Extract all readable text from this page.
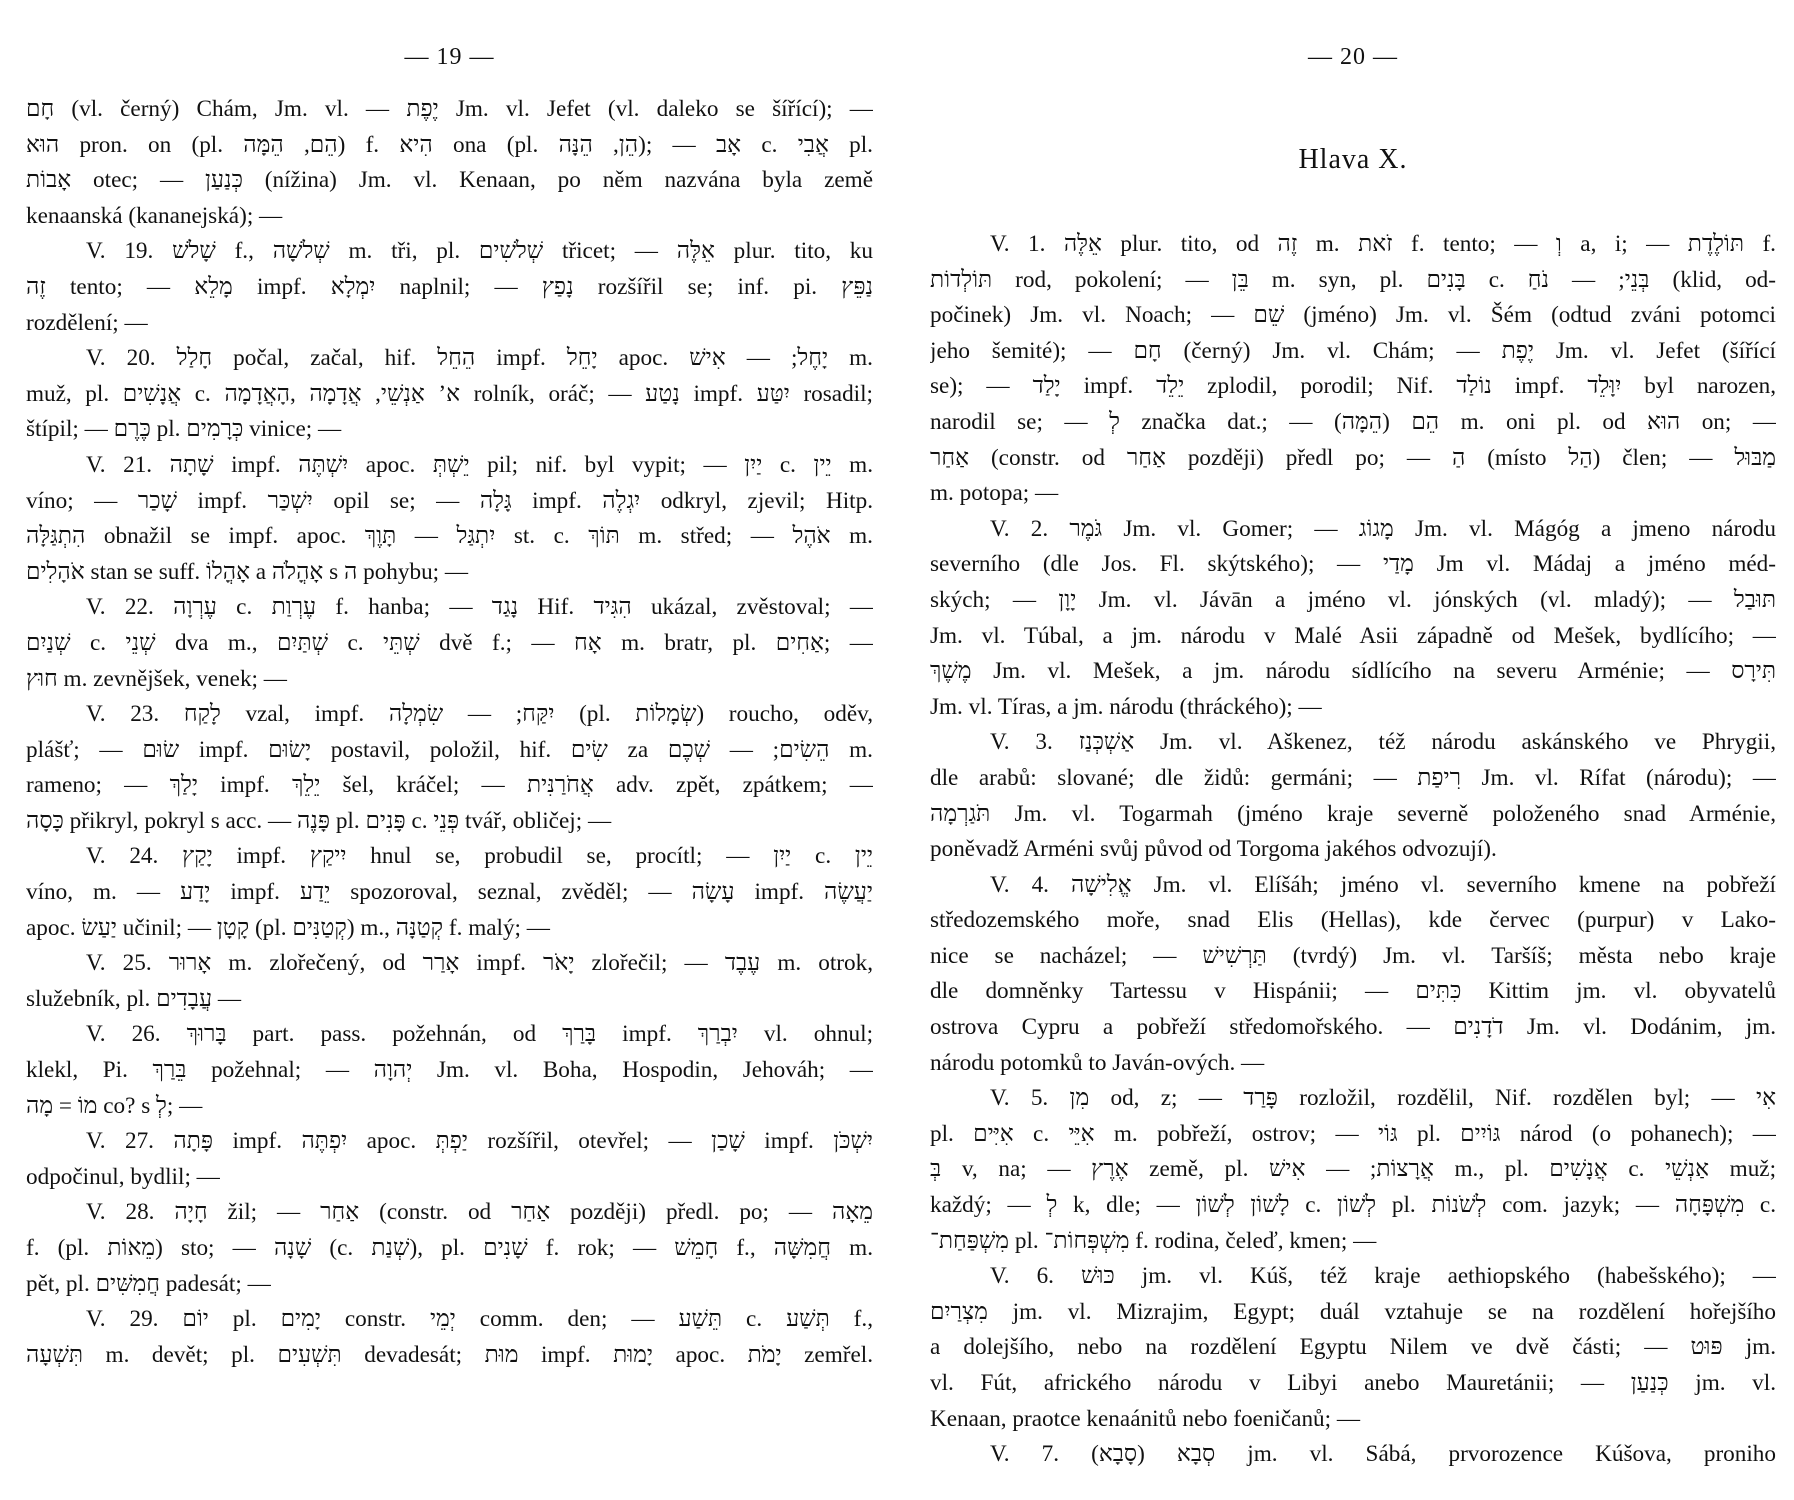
— 19 —
חָם (vl. černý) Chám, Jm. vl. — יֶפֶת Jm. vl. Jefet (vl. daleko se šířící); —
הוּא pron. on (pl. הֵם, הֵמָּה) f. הִיא ona (pl. הֵן, הֵנָּה); — אָב c. אֲבִי pl.
אָבוֹת otec; — כְּנַעַן (nížina) Jm. vl. Kenaan, po něm nazvána byla země
kenaanská (kananejská); —
V. 19. שָׁלֹשׁ f., שְׁלֹשָׁה m. tři, pl. שְׁלֹשִׁים třicet; — אֵלֶּה plur. tito, ku
זֶה tento; — מָלֵא impf. יִמְלָא naplnil; — נָפַץ rozšířil se; inf. pi. נַפֵּץ
rozdělení; —
V. 20. חָלַל počal, začal, hif. הֵחֵל impf. יָחֵל apoc. יָחֶל; — אִישׁ m.
muž, pl. אֲנָשִׁים c. אַנְשֵׁי, אֲדָמָה ,הָאֲדָמָה ʼא rolník, oráč; — נָטַע impf. יִטַּע rosadil;
štípil; — כֶּרֶם pl. כְּרָמִים vinice; —
V. 21. שָׁתָה impf. יִשְׁתֶּה apoc. יֵשְׁתְּ pil; nif. byl vypit; — יַיִן c. יֵין m.
víno; — שָׁכַר impf. יִשְׁכַּר opil se; — גָּלָה impf. יִגְלֶה odkryl, zjevil; Hitp.
הִתְגַּלָּה obnažil se impf. apoc. יִתְגַּל — תָּוֶךְ st. c. תּוֹךְ m. střed; — אֹהֶל m.
אֹהָלִים stan se suff. אָהֳלוֹ a אָהֳלֹה s ה pohybu; —
V. 22. עֶרְוָה c. עֶרְוַת f. hanba; — נָגַד Hif. הִגִּיד ukázal, zvěstoval; —
שְׁנַיִם c. שְׁנֵי dva m., שְׁתַּיִם c. שְׁתֵּי dvě f.; — אָח m. bratr, pl. אַחִים; —
חוּץ m. zevnějšek, venek; —
V. 23. לָקַח vzal, impf. יִקַּח; — שִׂמְלָה (pl. שְׂמָלוֹת) roucho, oděv,
plášť; — שׂוּם impf. יָשׂוּם postavil, položil, hif. שִׂים za הֵשִׂים; — שְׁכֶם m.
rameno; — יָלַךְ impf. יֵלֵךְ šel, kráčel; — אֲחֹרַנִּית adv. zpět, zpátkem; —
כָּסָה přikryl, pokryl s acc. — פָּנֶה pl. פָּנִים c. פְּנֵי tvář, obličej; —
V. 24. יָקַץ impf. יִיקַץ hnul se, probudil se, procítl; — יַיִן c. יֵין
víno, m. — יָדַע impf. יֵדַע spozoroval, seznal, zvěděl; — עָשָׂה impf. יַעֲשֶׂה
apoc. יַעַשׂ učinil; — קָטָן (pl. קְטַנִּים) m., קְטַנָּה f. malý; —
V. 25. אָרוּר m. zlořečený, od אָרַר impf. יָאֹר zlořečil; — עֶבֶד m. otrok,
služebník, pl. עֲבָדִים —
V. 26. בָּרוּךְ part. pass. požehnán, od בָּרַךְ impf. יִבְרַךְ vl. ohnul;
klekl, Pi. בֵּרַךְ požehnal; — יְהוָה Jm. vl. Boha, Hospodin, Jehováh; —
מוֹ = מָה co? s לְ; —
V. 27. פָּתָה impf. יִפְתֶּה apoc. יַפְתְּ rozšířil, otevřel; — שָׁכַן impf. יִשְׁכֹּן
odpočinul, bydlil; —
V. 28. חָיָה žil; — אַחַר (constr. od אַחַר později) předl. po; — מֵאָה
f. (pl. מֵאוֹת) sto; — שָׁנָה (c. שְׁנַת), pl. שָׁנִים f. rok; — חָמֵשׁ f., חֲמִשָּׁה m.
pět, pl. חֲמִשִּׁים padesát; —
V. 29. יוֹם pl. יָמִים constr. יְמֵי comm. den; — תֵּשַׁע c. תְּשַׁע f.,
תִּשְׁעָה m. devět; pl. תִּשְׁעִים devadesát; מוּת impf. יָמוּת apoc. יָמֹת zemřel.
— 20 —
Hlava X.
V. 1. אֵלֶּה plur. tito, od זֶה m. זֹאת f. tento; — וְ a, i; — תּוֹלֶדֶת f.
תּוֹלְדוֹת rod, pokolení; — בֵּן m. syn, pl. בָּנִים c. בְּנֵי; — נֹחַ (klid, od-
počinek) Jm. vl. Noach; — שֵׁם (jméno) Jm. vl. Šém (odtud zváni potomci
jeho šemité); — חָם (černý) Jm. vl. Chám; — יֶפֶת Jm. vl. Jefet (šířící
se); — יָלַד impf. יֵלֵד zplodil, porodil; Nif. נוֹלַד impf. יִוָּלֵד byl narozen,
narodil se; — לְ značka dat.; — הֵם (הֵמָּה) m. oni pl. od הוּא on; —
אַחַר (constr. od אַחַר později) předl po; — הַ (místo הַל) člen; — מַבּוּל
m. potopa; —
V. 2. גֹּמֶר Jm. vl. Gomer; — מָגוֹג Jm. vl. Mágóg a jmeno národu
severního (dle Jos. Fl. skýtského); — מָדַי Jm vl. Mádaj a jméno méd-
ských; — יָוָן Jm. vl. Jávān a jméno vl. jónských (vl. mladý); — תּוּבַל
Jm. vl. Túbal, a jm. národu v Malé Asii západně od Mešek, bydlícího; —
מֶשֶׁךְ Jm. vl. Mešek, a jm. národu sídlícího na severu Arménie; — תִּירָס
Jm. vl. Tíras, a jm. národu (thráckého); —
V. 3. אַשְׁכְּנַז Jm. vl. Aškenez, též národu askánského ve Phrygii,
dle arabů: slované; dle židů: germáni; — רִיפַת Jm. vl. Rífat (národu); —
תֹּגַרְמָה Jm. vl. Togarmah (jméno kraje severně položeného snad Arménie,
poněvadž Arméni svůj původ od Torgoma jakéhos odvozují).
V. 4. אֱלִישָׁה Jm. vl. Elíšáh; jméno vl. severního kmene na pobřeží
středozemského moře, snad Elis (Hellas), kde červec (purpur) v Lako-
nice se nacházel; — תַּרְשִׁישׁ (tvrdý) Jm. vl. Taršíš; města nebo kraje
dle domněnky Tartessu v Hispánii; — כִּתִּים Kittim jm. vl. obyvatelů
ostrova Cypru a pobřeží středomořského. — דֹדָנִים Jm. vl. Dodánim, jm.
národu potomků to Javán-ových. —
V. 5. מִן od, z; — פָּרַד rozložil, rozdělil, Nif. rozdělen byl; — אִי
pl. אִיִּים c. אִיֵּי m. pobřeží, ostrov; — גּוֹי pl. גּוֹיִים národ (o pohanech); —
בְּ v, na; — אֶרֶץ země, pl. אֲרָצוֹת; — אִישׁ m., pl. אֲנָשִׁים c. אַנְשֵׁי muž;
každý; — לְ k, dle; — לָשׁוֹן לְשׁוֹן c. לְשׁוֹן pl. לְשֹׁנוֹת com. jazyk; — מִשְׁפָּחָה c.
מִשְׁפַּחַת־ pl. מִשְׁפְּחוֹת־ f. rodina, čeleď, kmen; —
V. 6. כּוּשׁ jm. vl. Kúš, též kraje aethiopského (habešského); —
מִצְרַיִם jm. vl. Mizrajim, Egypt; duál vztahuje se na rozdělení hořejšího
a dolejšího, nebo na rozdělení Egyptu Nilem ve dvě části; — פּוּט jm.
vl. Fút, afrického národu v Libyi anebo Mauretánii; — כְּנַעַן jm. vl.
Kenaan, praotce kenaánitů nebo foeničanů; —
V. 7. סְבָא (סָבָא) jm. vl. Sábá, prvorozence Kúšova, proniho
